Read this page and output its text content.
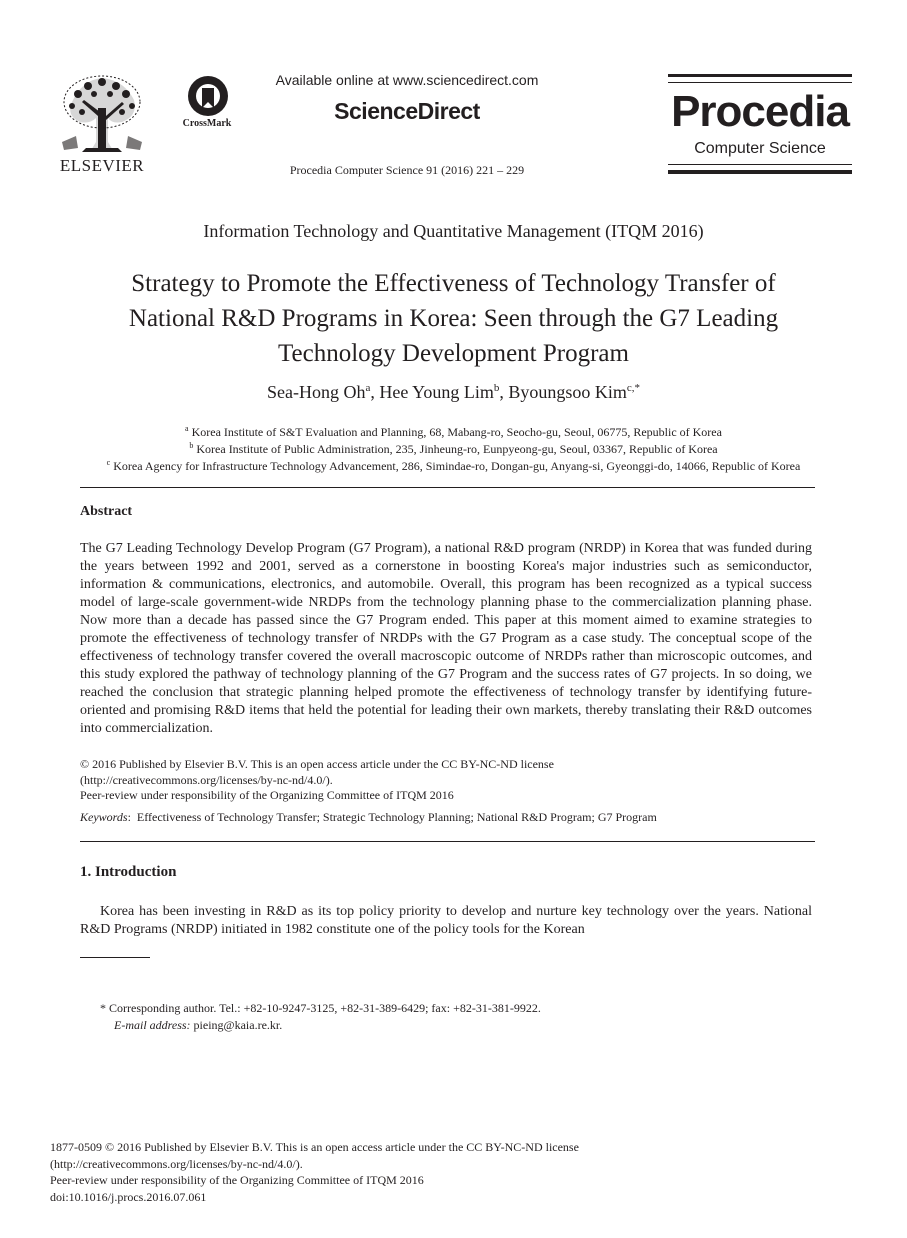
ELSEVIER
CrossMark
Available online at www.sciencedirect.com
ScienceDirect
Procedia Computer Science 91 (2016) 221 – 229
Procedia
Computer Science
Information Technology and Quantitative Management (ITQM 2016)
Strategy to Promote the Effectiveness of Technology Transfer of
National R&D Programs in Korea: Seen through the G7 Leading
Technology Development Program
Sea-Hong Oh$^a$, Hee Young Lim$^b$, Byoungsoo Kim$^{c,*}$
$^a$ Korea Institute of S&T Evaluation and Planning, 68, Mabang-ro, Seocho-gu, Seoul, 06775, Republic of Korea
$^b$ Korea Institute of Public Administration, 235, Jinheung-ro, Eunpyeong-gu, Seoul, 03367, Republic of Korea
$^c$ Korea Agency for Infrastructure Technology Advancement, 286, Simindae-ro, Dongan-gu, Anyang-si, Gyeonggi-do, 14066, Republic of Korea
Abstract
The G7 Leading Technology Develop Program (G7 Program), a national R&D program (NRDP) in Korea that was funded during the years between 1992 and 2001, served as a cornerstone in boosting Korea's major industries such as semiconductor, information & communications, electronics, and automobile. Overall, this program has been recognized as a typical success model of large-scale government-wide NRDPs from the technology planning phase to the commercialization planning phase. Now more than a decade has passed since the G7 Program ended. This paper at this moment aimed to examine strategies to promote the effectiveness of technology transfer of NRDPs with the G7 Program as a case study. The conceptual scope of the effectiveness of technology transfer covered the overall macroscopic outcome of NRDPs rather than microscopic outcomes, and this study explored the pathway of technology planning of the G7 Program and the success rates of G7 projects. In so doing, we reached the conclusion that strategic planning helped promote the effectiveness of technology transfer by identifying future-oriented and promising R&D items that held the potential for leading their own markets, thereby translating their R&D outcomes into commercialization.
© 2016 Published by Elsevier B.V. This is an open access article under the CC BY-NC-ND license
(http://creativecommons.org/licenses/by-nc-nd/4.0/).
Peer-review under responsibility of the Organizing Committee of ITQM 2016
Keywords:  Effectiveness of Technology Transfer; Strategic Technology Planning; National R&D Program; G7 Program
1. Introduction
Korea has been investing in R&D as its top policy priority to develop and nurture key technology over the years. National R&D Programs (NRDP) initiated in 1982 constitute one of the policy tools for the Korean
* Corresponding author. Tel.: +82-10-9247-3125, +82-31-389-6429; fax: +82-31-381-9922.
E-mail address: pieing@kaia.re.kr.
1877-0509 © 2016 Published by Elsevier B.V. This is an open access article under the CC BY-NC-ND license
(http://creativecommons.org/licenses/by-nc-nd/4.0/).
Peer-review under responsibility of the Organizing Committee of ITQM 2016
doi:10.1016/j.procs.2016.07.061
